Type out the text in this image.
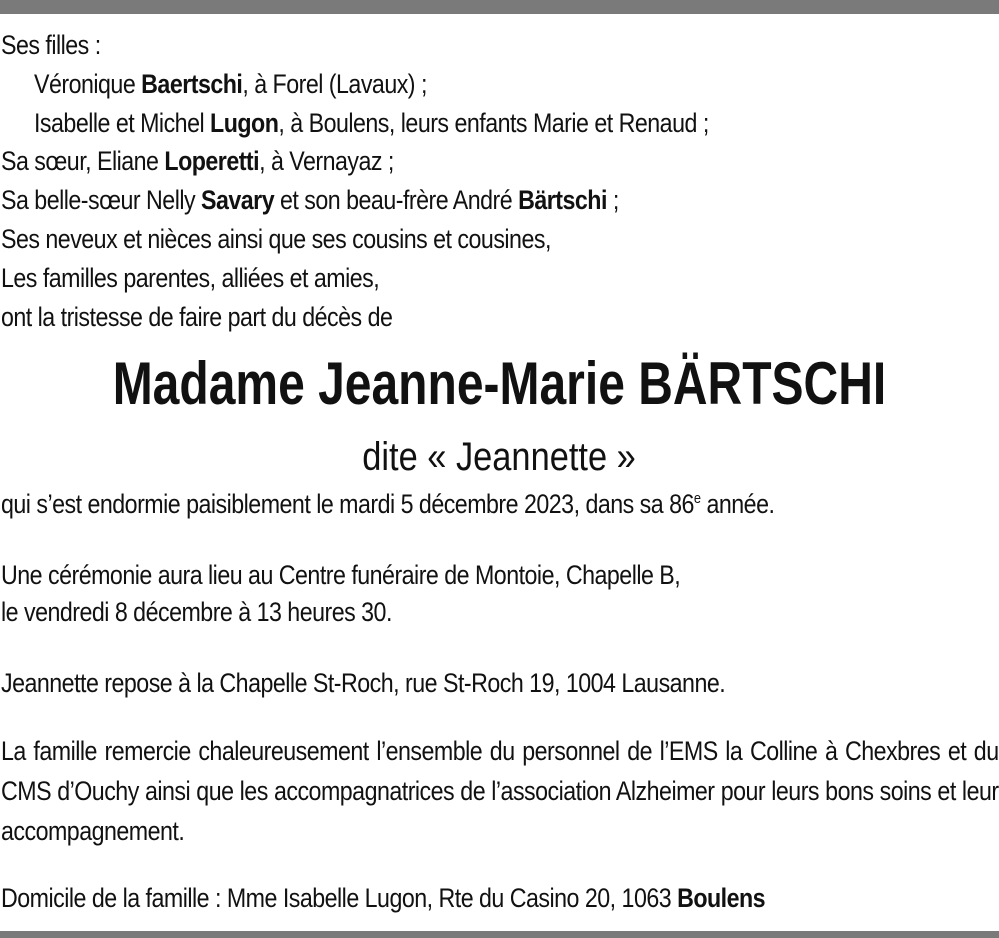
Ses filles :
Véronique Baertschi, à Forel (Lavaux) ;
Isabelle et Michel Lugon, à Boulens, leurs enfants Marie et Renaud ;
Sa sœur, Eliane Loperetti, à Vernayaz ;
Sa belle-sœur Nelly Savary et son beau-frère André Bärtschi ;
Ses neveux et nièces ainsi que ses cousins et cousines,
Les familles parentes, alliées et amies,
ont la tristesse de faire part du décès de
Madame Jeanne-Marie BÄRTSCHI
dite « Jeannette »
qui s’est endormie paisiblement le mardi 5 décembre 2023, dans sa 86e année.
Une cérémonie aura lieu au Centre funéraire de Montoie, Chapelle B,
le vendredi 8 décembre à 13 heures 30.
Jeannette repose à la Chapelle St-Roch, rue St-Roch 19, 1004 Lausanne.
La famille remercie chaleureusement l’ensemble du personnel de l’EMS la Colline à Chexbres et du CMS d’Ouchy ainsi que les accompagnatrices de l’association Alzheimer pour leurs bons soins et leur accompagnement.
Domicile de la famille : Mme Isabelle Lugon, Rte du Casino 20, 1063 Boulens
